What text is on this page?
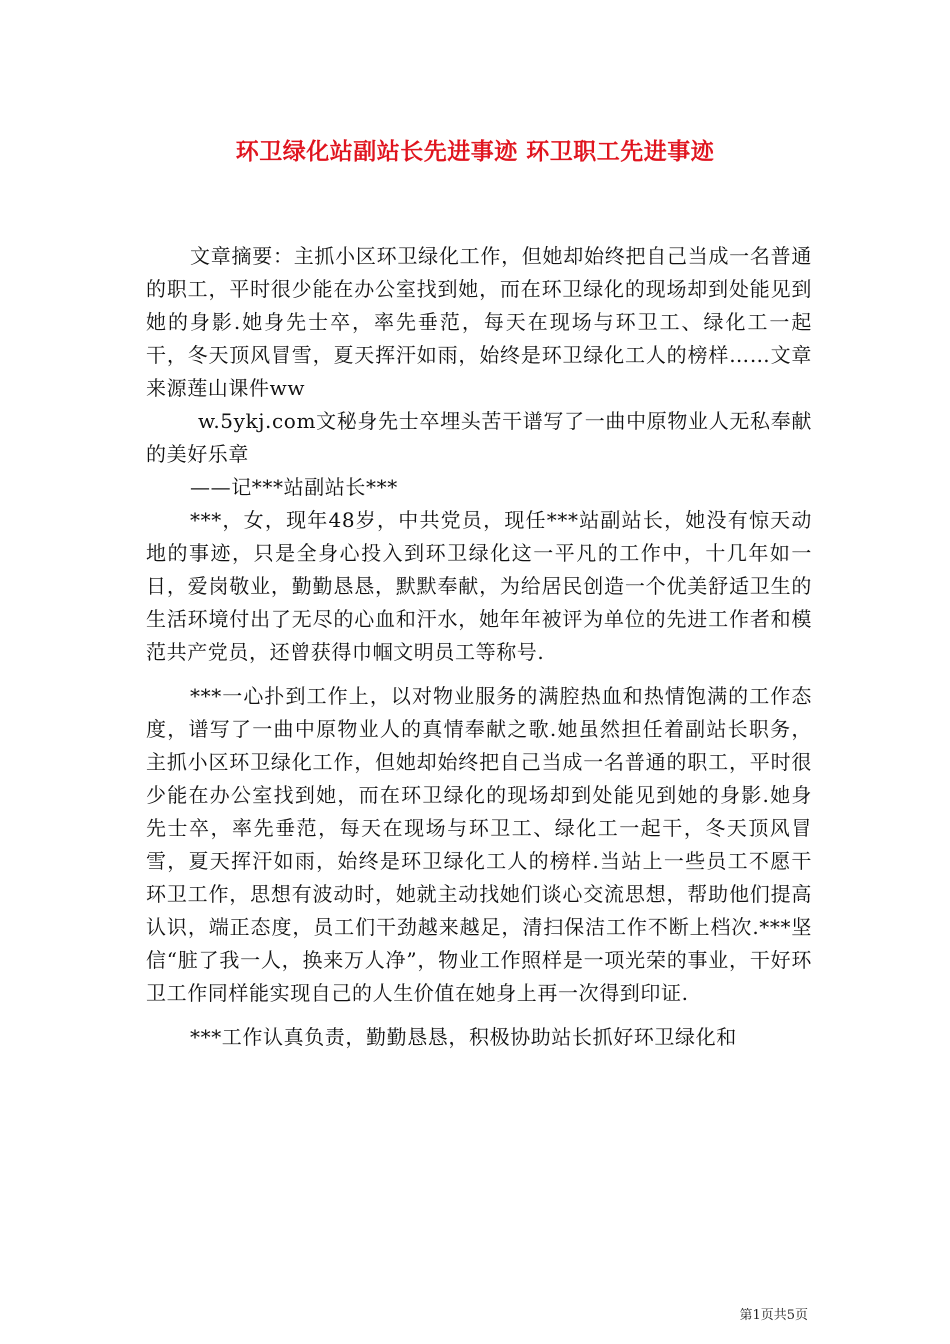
环卫绿化站副站长先进事迹 环卫职工先进事迹

文章摘要：主抓小区环卫绿化工作，但她却始终把自己当成一名普通的职工，平时很少能在办公室找到她，而在环卫绿化的现场却到处能见到她的身影.她身先士卒，率先垂范，每天在现场与环卫工、绿化工一起干，冬天顶风冒雪，夏天挥汗如雨，始终是环卫绿化工人的榜样……文章来源莲山课件ww

w.5ykj.com文秘身先士卒埋头苦干谱写了一曲中原物业人无私奉献的美好乐章

——记***站副站长***

***，女，现年48岁，中共党员，现任***站副站长，她没有惊天动地的事迹，只是全身心投入到环卫绿化这一平凡的工作中，十几年如一日，爱岗敬业，勤勤恳恳，默默奉献，为给居民创造一个优美舒适卫生的生活环境付出了无尽的心血和汗水，她年年被评为单位的先进工作者和模范共产党员，还曾获得巾帼文明员工等称号.

***一心扑到工作上，以对物业服务的满腔热血和热情饱满的工作态度，谱写了一曲中原物业人的真情奉献之歌.她虽然担任着副站长职务，主抓小区环卫绿化工作，但她却始终把自己当成一名普通的职工，平时很少能在办公室找到她，而在环卫绿化的现场却到处能见到她的身影.她身先士卒，率先垂范，每天在现场与环卫工、绿化工一起干，冬天顶风冒雪，夏天挥汗如雨，始终是环卫绿化工人的榜样.当站上一些员工不愿干环卫工作，思想有波动时，她就主动找她们谈心交流思想，帮助他们提高认识，端正态度，员工们干劲越来越足，清扫保洁工作不断上档次.***坚信“脏了我一人，换来万人净”，物业工作照样是一项光荣的事业，干好环卫工作同样能实现自己的人生价值在她身上再一次得到印证.

***工作认真负责，勤勤恳恳，积极协助站长抓好环卫绿化和

第1页共5页
